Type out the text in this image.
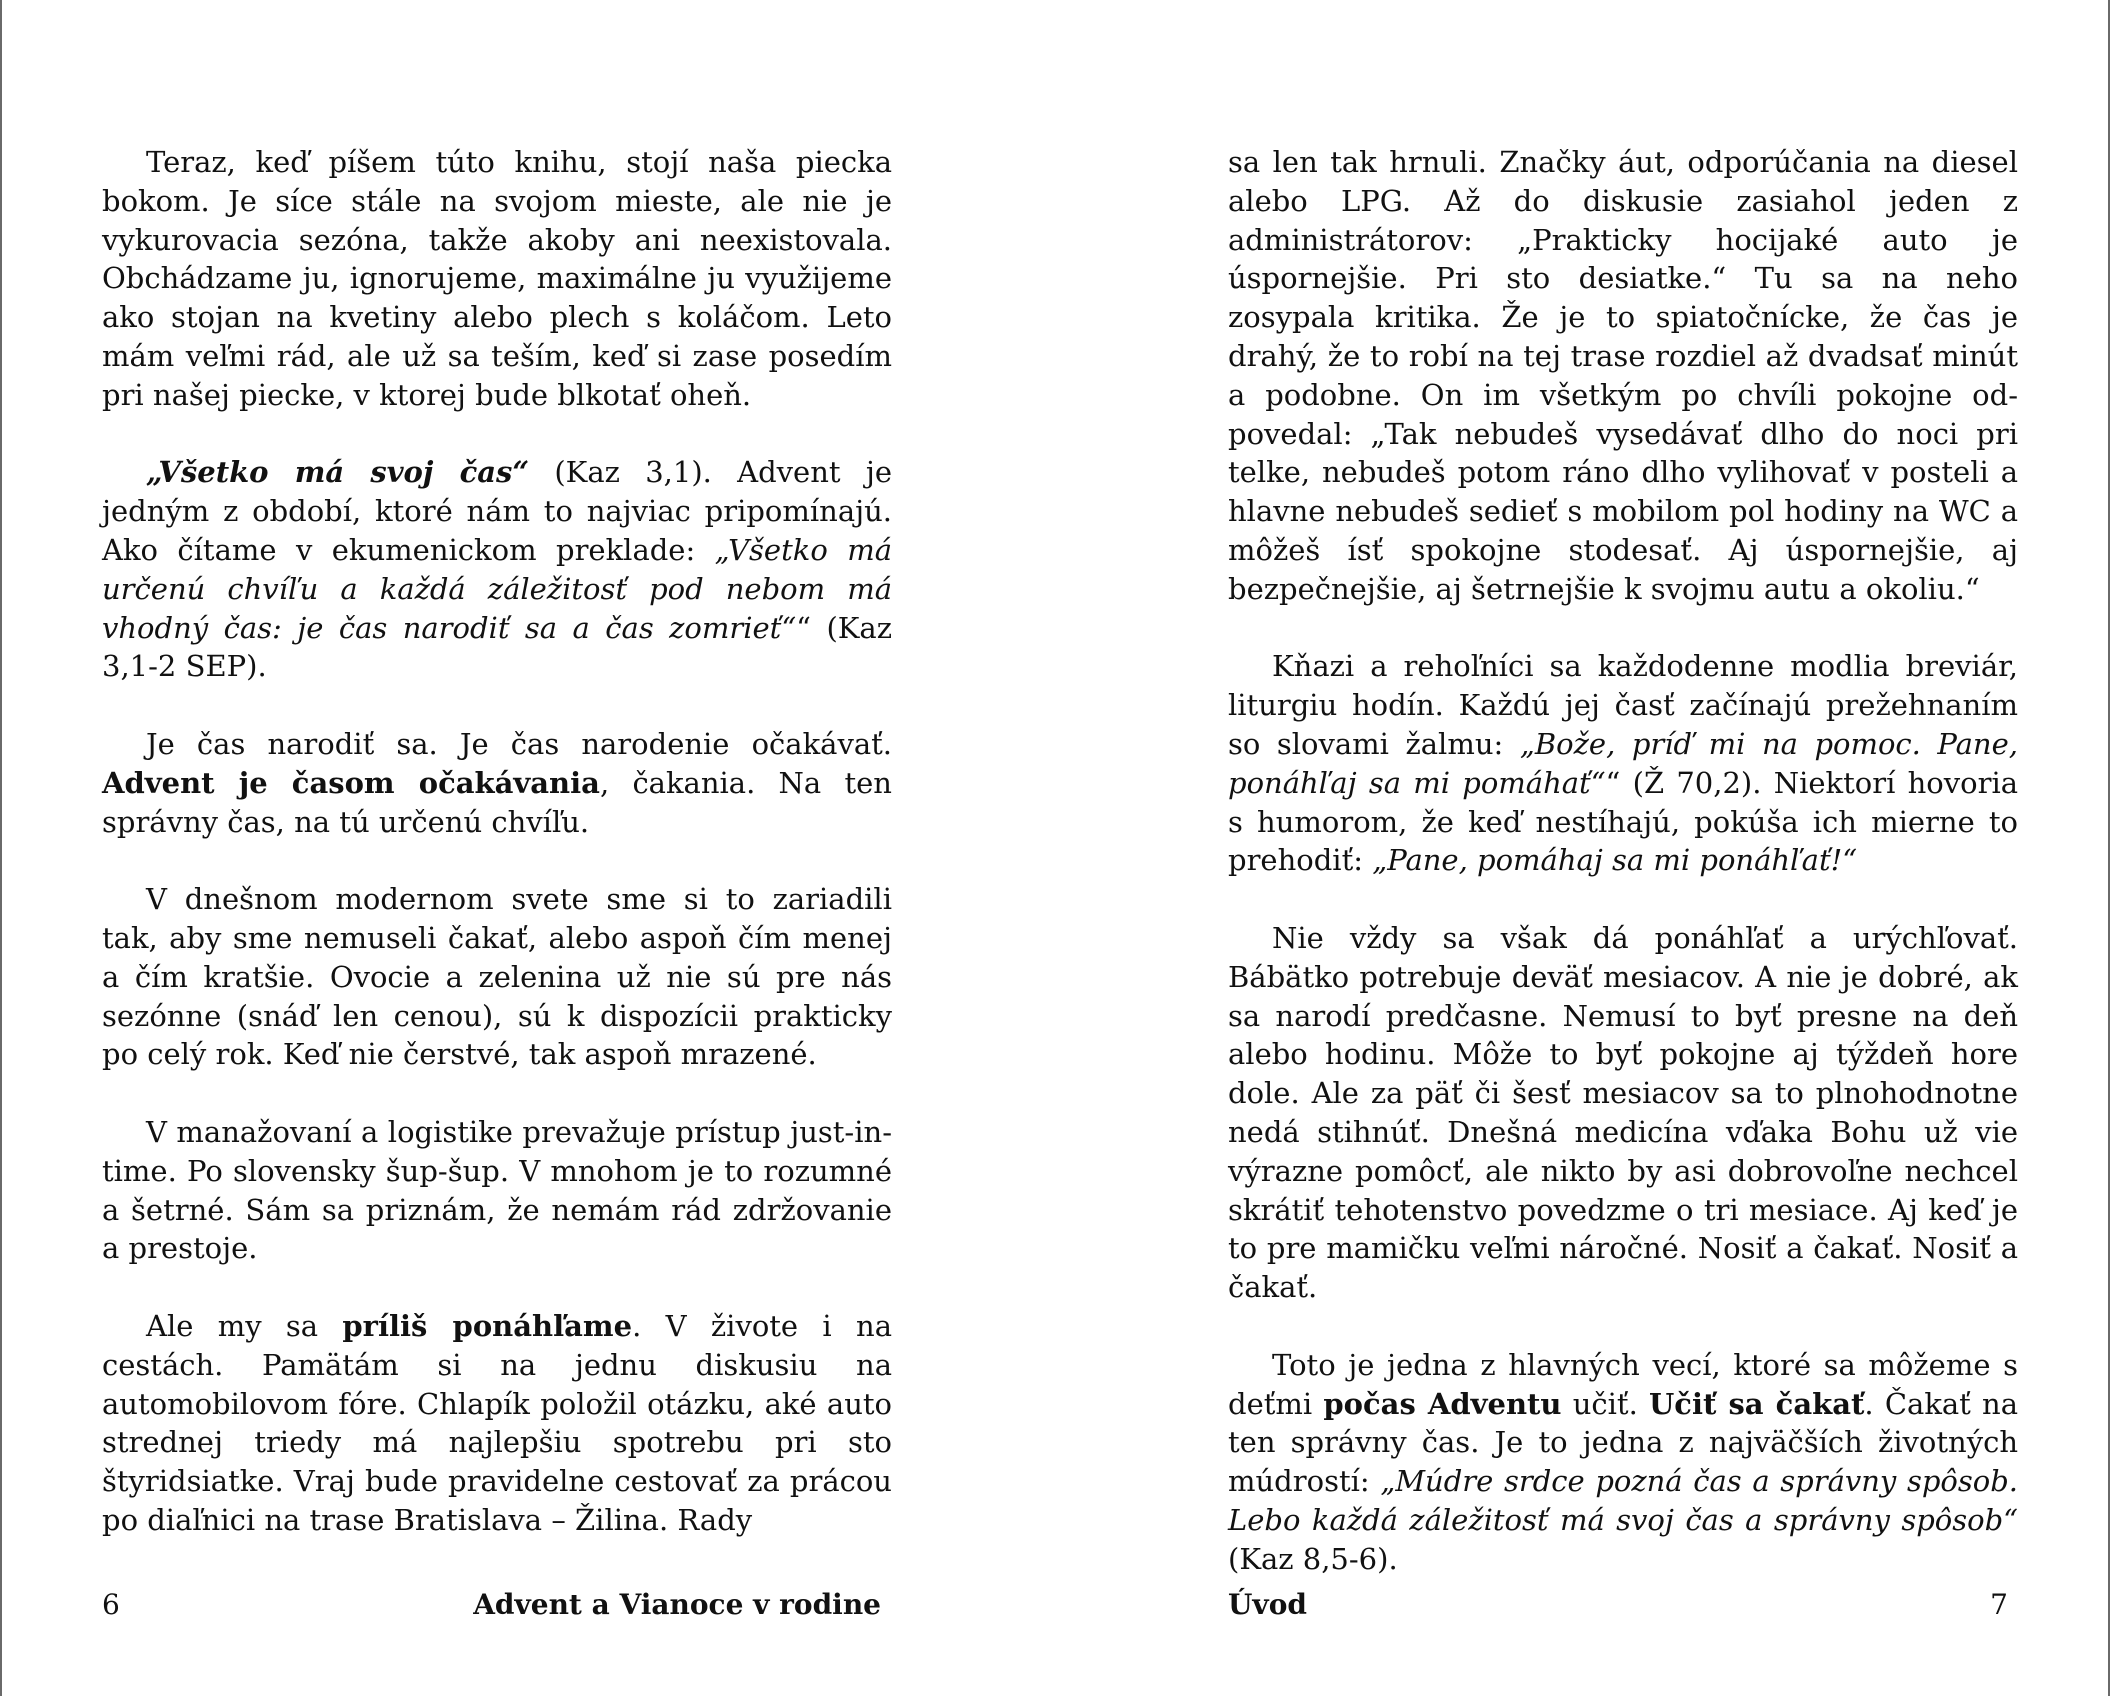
Teraz, keď píšem túto knihu, stojí naša piecka bokom. Je síce stále na svojom mieste, ale nie je vykurovacia sezóna, takže akoby ani neexistovala. Obchádzame ju, ignorujeme, maximálne ju využijeme ako stojan na kvetiny alebo plech s koláčom. Leto mám veľmi rád, ale už sa teším, keď si zase posedím pri našej piecke, v ktorej bude blkotať oheň.

„Všetko má svoj čas“ (Kaz 3,1). Advent je jedným z období, ktoré nám to najviac pripomínajú. Ako čítame v ekumenickom preklade: „Všetko má určenú chvíľu a každá záležitosť pod nebom má vhodný čas: je čas narodiť sa a čas zomrieť““ (Kaz 3,1-2 SEP).

Je čas narodiť sa. Je čas narodenie očakávať. Advent je časom očakávania, čakania. Na ten správny čas, na tú určenú chvíľu.

V dnešnom modernom svete sme si to zariadili tak, aby sme nemuseli čakať, alebo aspoň čím menej a čím kratšie. Ovocie a zelenina už nie sú pre nás sezónne (snáď len cenou), sú k dispozícii prakticky po celý rok. Keď nie čerstvé, tak aspoň mrazené.

V manažovaní a logistike prevažuje prístup just-intime. Po slovensky šup-šup. V mnohom je to rozumné a šetrné. Sám sa priznám, že nemám rád zdržovanie a prestoje.

Ale my sa príliš ponáhľame. V živote i na cestách. Pamätám si na jednu diskusiu na automobilovom fóre. Chlapík položil otázku, aké auto strednej triedy má najlepšiu spotrebu pri sto štyridsiatke. Vraj bude pravidelne cestovať za prácou po diaľnici na trase Bratislava – Žilina. Rady

6	Advent a Vianoce v rodine

sa len tak hrnuli. Značky áut, odporúčania na diesel alebo LPG. Až do diskusie zasiahol jeden z administrátorov: „Prakticky hocijaké auto je úspornejšie. Pri sto desiatke.“ Tu sa na neho zosypala kritika. Že je to spiatočnícke, že čas je drahý, že to robí na tej trase rozdiel až dvadsať minút a podobne. On im všetkým po chvíli pokojne odpovedal: „Tak nebudeš vysedávať dlho do noci pri telke, nebudeš potom ráno dlho vylihovať v posteli a hlavne nebudeš sedieť s mobilom pol hodiny na WC a môžeš ísť spokojne stodesať. Aj úspornejšie, aj bezpečnejšie, aj šetrnejšie k svojmu autu a okoliu.“

Kňazi a rehoľníci sa každodenne modlia breviár, liturgiu hodín. Každú jej časť začínajú prežehnaním so slovami žalmu: „Bože, príď mi na pomoc. Pane, ponáhľaj sa mi pomáhať““ (Ž 70,2). Niektorí hovoria s humorom, že keď nestíhajú, pokúša ich mierne to prehodiť: „Pane, pomáhaj sa mi ponáhľať!“

Nie vždy sa však dá ponáhľať a urýchľovať. Bábätko potrebuje deväť mesiacov. A nie je dobré, ak sa narodí predčasne. Nemusí to byť presne na deň alebo hodinu. Môže to byť pokojne aj týždeň hore dole. Ale za päť či šesť mesiacov sa to plnohodnotne nedá stihnúť. Dnešná medicína vďaka Bohu už vie výrazne pomôcť, ale nikto by asi dobrovoľne nechcel skrátiť tehotenstvo povedzme o tri mesiace. Aj keď je to pre mamičku veľmi náročné. Nosiť a čakať. Nosiť a čakať.

Toto je jedna z hlavných vecí, ktoré sa môžeme s deťmi počas Adventu učiť. Učiť sa čakať. Čakať na ten správny čas. Je to jedna z najväčších životných múdrostí: „Múdre srdce pozná čas a správny spôsob. Lebo každá záležitosť má svoj čas a správny spôsob“ (Kaz 8,5-6).

Úvod	7
